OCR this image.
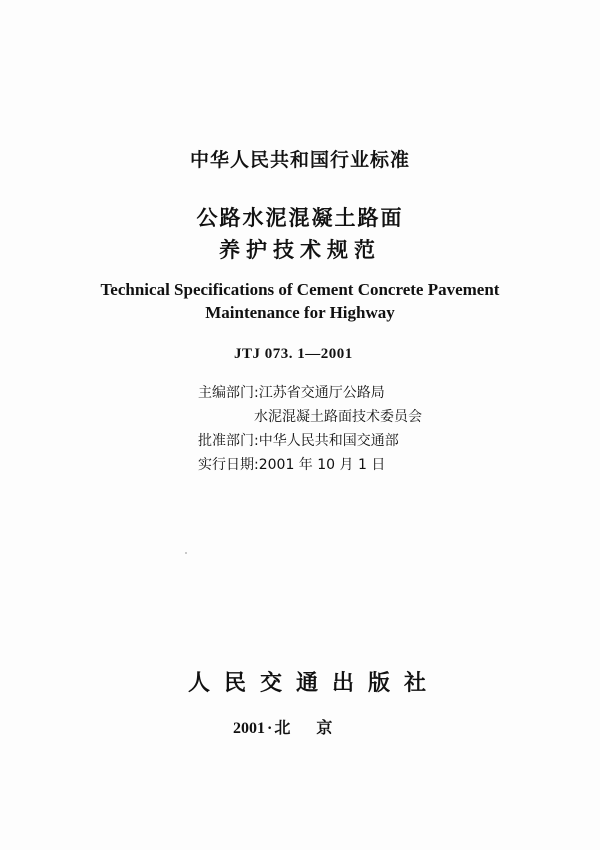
中华人民共和国行业标准
公路水泥混凝土路面
养护技术规范
Technical Specifications of Cement Concrete Pavement
Maintenance for Highway
JTJ 073. 1—2001
主编部门:江苏省交通厅公路局
水泥混凝土路面技术委员会
批准部门:中华人民共和国交通部
实行日期:2001 年 10 月 1 日
人民交通出版社
2001 · 北京
